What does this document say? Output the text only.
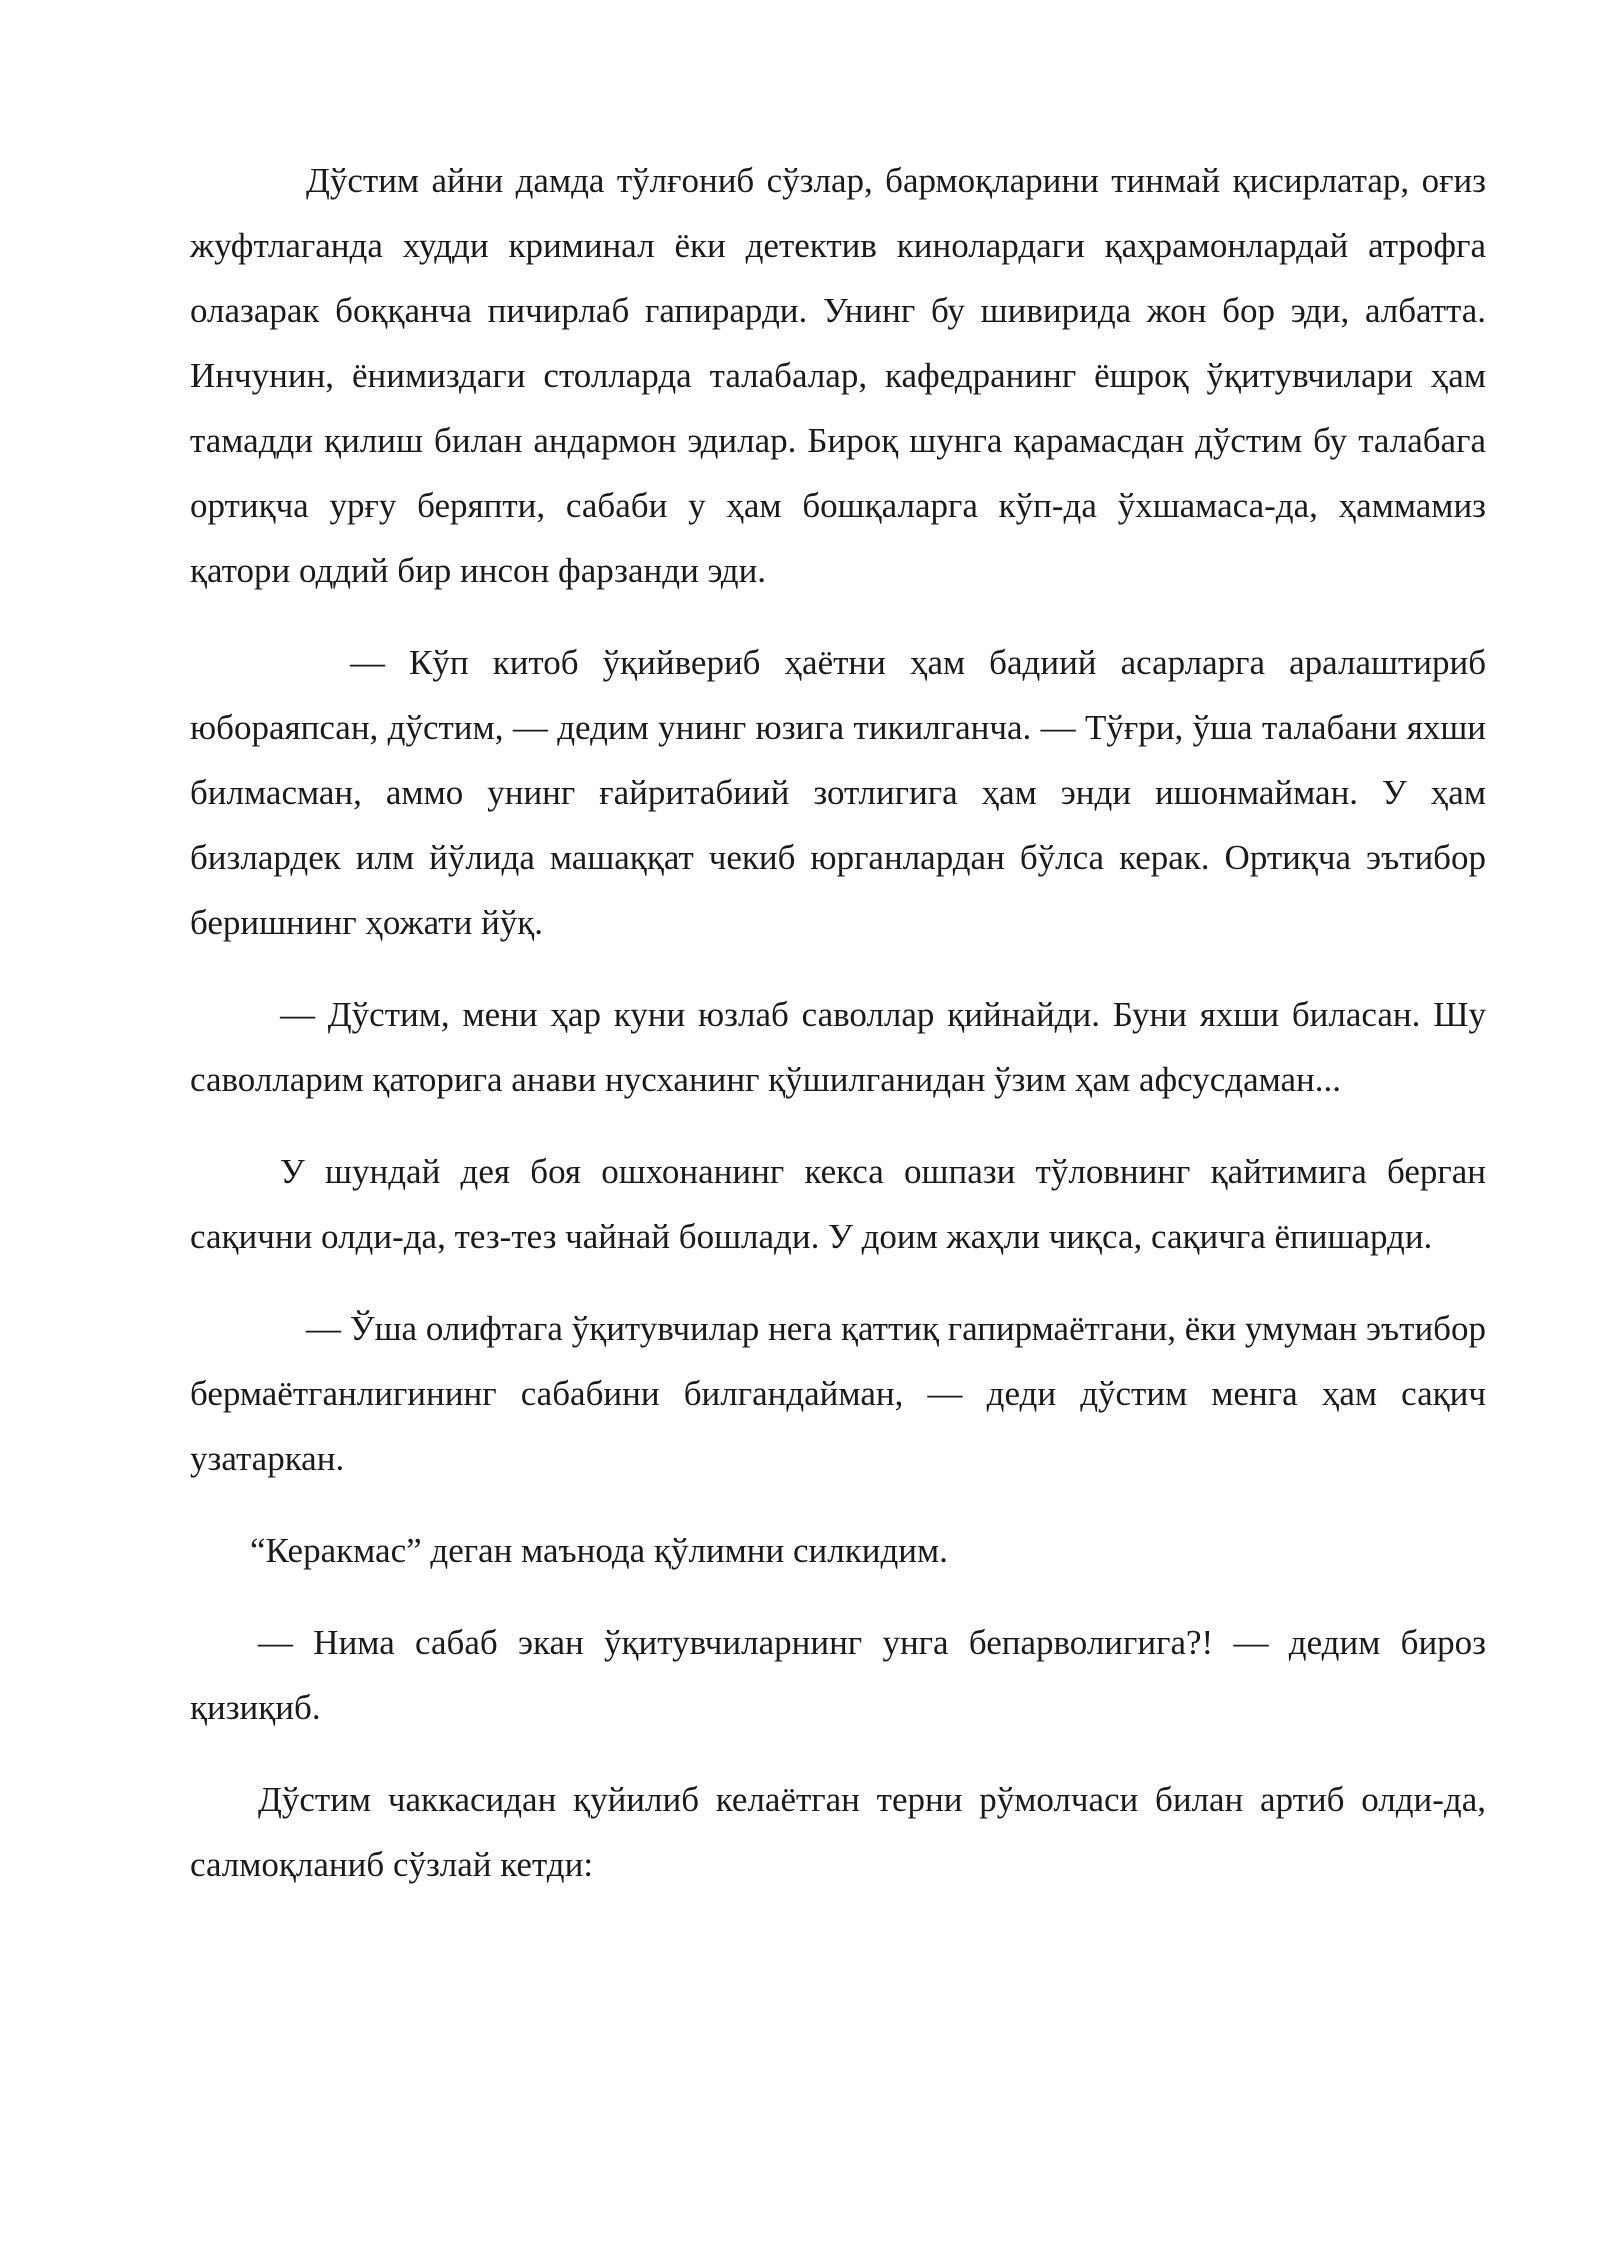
Дўстим айни дамда тўлғониб сўзлар, бармоқларини тинмай қисирлатар, оғиз жуфтлаганда худди криминал ёки детектив кинолардаги қаҳрамонлардай атрофга олазарак боққанча пичирлаб гапирарди. Унинг бу шивирида жон бор эди, албатта. Инчунин, ёнимиздаги столларда талабалар, кафедранинг ёшроқ ўқитувчилари ҳам тамадди қилиш билан андармон эдилар. Бироқ шунга қарамасдан дўстим бу талабага ортиқча урғу беряпти, сабаби у ҳам бошқаларга кўп-да ўхшамаса-да, ҳаммамиз қатори оддий бир инсон фарзанди эди.

— Кўп китоб ўқийвериб ҳаётни ҳам бадиий асарларга аралаштириб юбораяпсан, дўстим, — дедим унинг юзига тикилганча. — Тўғри, ўша талабани яхши билмасман, аммо унинг ғайритабиий зотлигига ҳам энди ишонмайман. У ҳам бизлардек илм йўлида машаққат чекиб юрганлардан бўлса керак. Ортиқча эътибор беришнинг ҳожати йўқ.

— Дўстим, мени ҳар куни юзлаб саволлар қийнайди. Буни яхши биласан. Шу саволларим қаторига анави нусханинг қўшилганидан ўзим ҳам афсусдаман...

У шундай дея боя ошхонанинг кекса ошпази тўловнинг қайтимига берган сақични олди-да, тез-тез чайнай бошлади. У доим жаҳли чиқса, сақичга ёпишарди.

— Ўша олифтага ўқитувчилар нега қаттиқ гапирмаётгани, ёки умуман эътибор бермаётганлигининг сабабини билгандайман, — деди дўстим менга ҳам сақич узатаркан.

“Керакмас” деган маънода қўлимни силкидим.

— Нима сабаб экан ўқитувчиларнинг унга бепарволигига?! — дедим бироз қизиқиб.

Дўстим чаккасидан қуйилиб келаётган терни рўмолчаси билан артиб олди-да, салмоқланиб сўзлай кетди:
